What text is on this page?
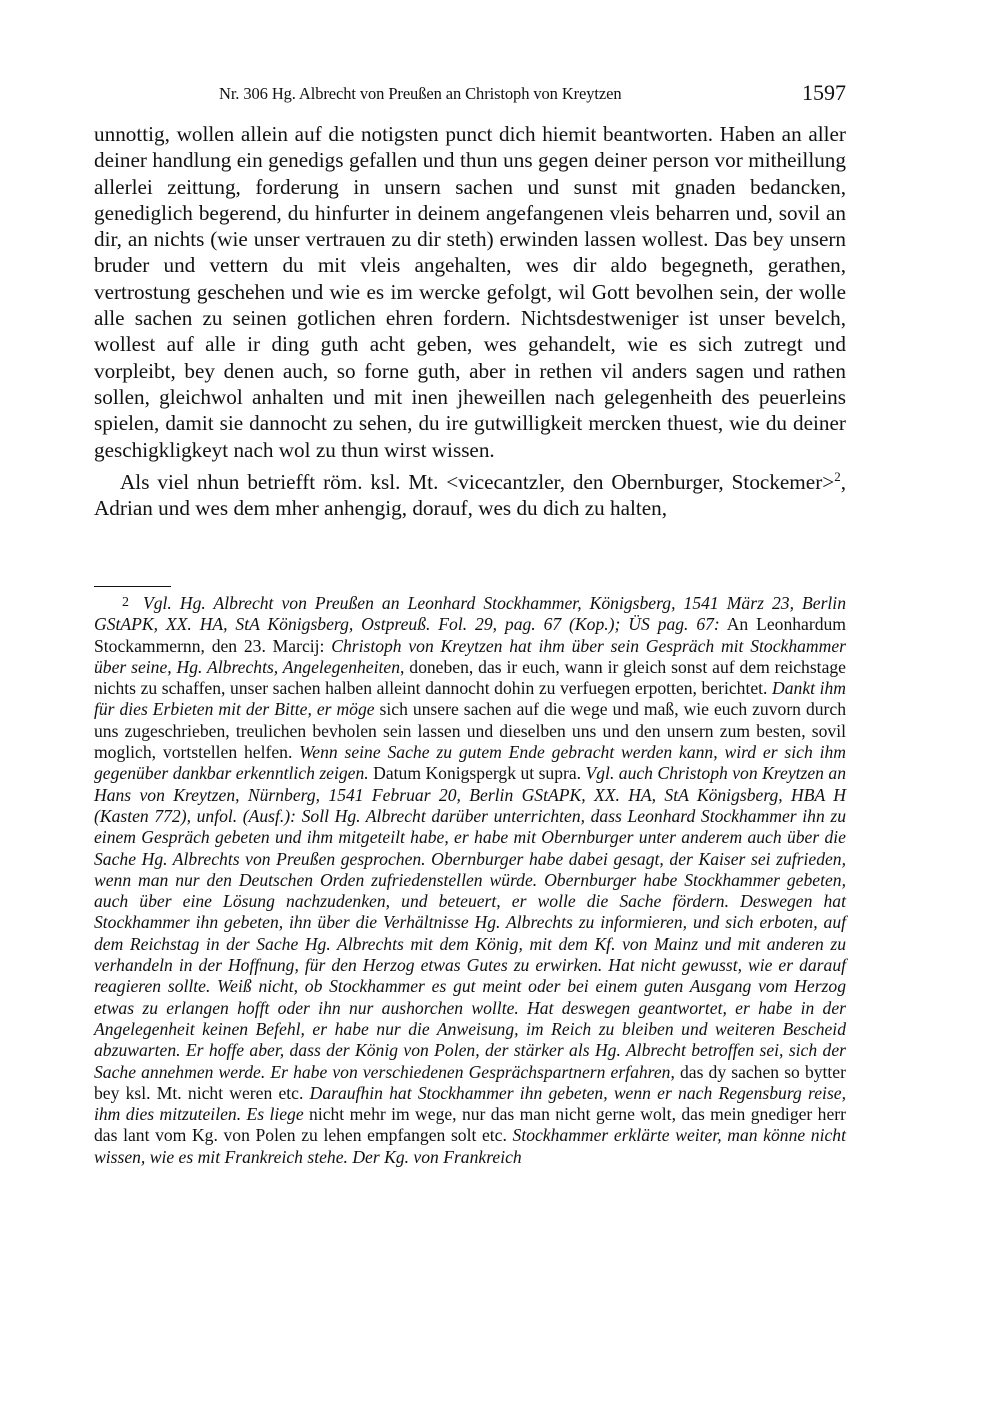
Nr. 306 Hg. Albrecht von Preußen an Christoph von Kreytzen	1597

unnottig, wollen allein auf die notigsten punct dich hiemit beantworten. Haben an aller deiner handlung ein genedigs gefallen und thun uns gegen deiner person vor mitheillung allerlei zeittung, forderung in unsern sachen und sunst mit gnaden bedancken, genediglich begerend, du hinfurter in deinem angefangenen vleis beharren und, sovil an dir, an nichts (wie unser vertrauen zu dir steth) erwinden lassen wollest. Das bey unsern bruder und vettern du mit vleis angehalten, wes dir aldo begegneth, gerathen, vertrostung geschehen und wie es im wercke gefolgt, wil Gott bevolhen sein, der wolle alle sachen zu seinen gotlichen ehren fordern. Nichtsdestweniger ist unser bevelch, wollest auf alle ir ding guth acht geben, wes gehandelt, wie es sich zutregt und vorpleibt, bey denen auch, so forne guth, aber in rethen vil anders sagen und rathen sollen, gleichwol anhalten und mit inen jheweillen nach gelegenheith des peuerleins spielen, damit sie dannocht zu sehen, du ire gutwilligkeit mercken thuest, wie du deiner geschigkligkeyt nach wol zu thun wirst wissen.

Als viel nhun betriefft röm. ksl. Mt. <vicecantzler, den Obernburger, Stockemer>$^2$, Adrian und wes dem mher anhengig, dorauf, wes du dich zu halten,

2 Vgl. Hg. Albrecht von Preußen an Leonhard Stockhammer, Königsberg, 1541 März 23, Berlin GStAPK, XX. HA, StA Königsberg, Ostpreuß. Fol. 29, pag. 67 (Kop.); ÜS pag. 67: An Leonhardum Stockammernn, den 23. Marcij: Christoph von Kreytzen hat ihm über sein Gespräch mit Stockhammer über seine, Hg. Albrechts, Angelegenheiten, doneben, das ir euch, wann ir gleich sonst auf dem reichstage nichts zu schaffen, unser sachen halben alleint dannocht dohin zu verfuegen erpotten, berichtet. Dankt ihm für dies Erbieten mit der Bitte, er möge sich unsere sachen auf die wege und maß, wie euch zuvorn durch uns zugeschrieben, treulichen bevholen sein lassen und dieselben uns und den unsern zum besten, sovil moglich, vortstellen helfen. Wenn seine Sache zu gutem Ende gebracht werden kann, wird er sich ihm gegenüber dankbar erkenntlich zeigen. Datum Konigspergk ut supra. Vgl. auch Christoph von Kreytzen an Hans von Kreytzen, Nürnberg, 1541 Februar 20, Berlin GStAPK, XX. HA, StA Königsberg, HBA H (Kasten 772), unfol. (Ausf.): Soll Hg. Albrecht darüber unterrichten, dass Leonhard Stockhammer ihn zu einem Gespräch gebeten und ihm mitgeteilt habe, er habe mit Obernburger unter anderem auch über die Sache Hg. Albrechts von Preußen gesprochen. Obernburger habe dabei gesagt, der Kaiser sei zufrieden, wenn man nur den Deutschen Orden zufriedenstellen würde. Obernburger habe Stockhammer gebeten, auch über eine Lösung nachzudenken, und beteuert, er wolle die Sache fördern. Deswegen hat Stockhammer ihn gebeten, ihn über die Verhältnisse Hg. Albrechts zu informieren, und sich erboten, auf dem Reichstag in der Sache Hg. Albrechts mit dem König, mit dem Kf. von Mainz und mit anderen zu verhandeln in der Hoffnung, für den Herzog etwas Gutes zu erwirken. Hat nicht gewusst, wie er darauf reagieren sollte. Weiß nicht, ob Stockhammer es gut meint oder bei einem guten Ausgang vom Herzog etwas zu erlangen hofft oder ihn nur aushorchen wollte. Hat deswegen geantwortet, er habe in der Angelegenheit keinen Befehl, er habe nur die Anweisung, im Reich zu bleiben und weiteren Bescheid abzuwarten. Er hoffe aber, dass der König von Polen, der stärker als Hg. Albrecht betroffen sei, sich der Sache annehmen werde. Er habe von verschiedenen Gesprächspartnern erfahren, das dy sachen so bytter bey ksl. Mt. nicht weren etc. Daraufhin hat Stockhammer ihn gebeten, wenn er nach Regensburg reise, ihm dies mitzuteilen. Es liege nicht mehr im wege, nur das man nicht gerne wolt, das mein gnediger herr das lant vom Kg. von Polen zu lehen empfangen solt etc. Stockhammer erklärte weiter, man könne nicht wissen, wie es mit Frankreich stehe. Der Kg. von Frankreich
